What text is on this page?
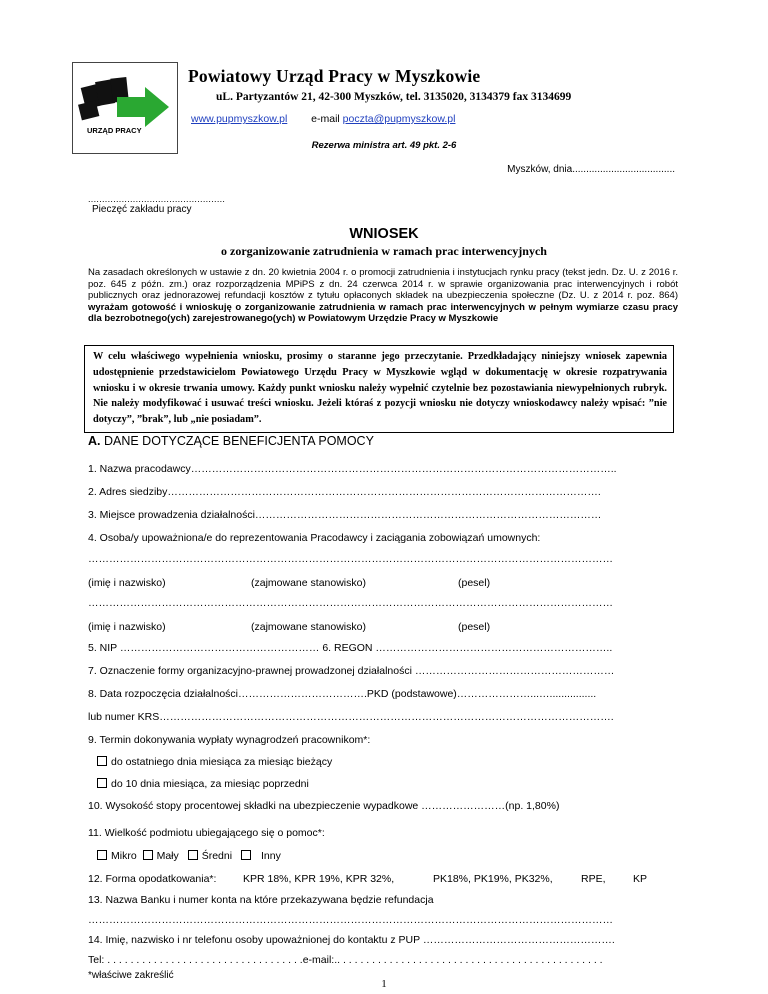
URZĄD PRACY
Powiatowy Urząd Pracy w Myszkowie
uL. Partyzantów 21, 42-300 Myszków, tel. 3135020, 3134379 fax 3134699
www.pupmyszkow.pl e-mail poczta@pupmyszkow.pl
Rezerwa ministra art. 49 pkt. 2-6
Myszków, dnia.....................................
.................................................
Pieczęć zakładu pracy
WNIOSEK
o zorganizowanie zatrudnienia w ramach prac interwencyjnych
Na zasadach określonych w ustawie z dn. 20 kwietnia 2004 r. o promocji zatrudnienia i instytucjach rynku pracy (tekst jedn. Dz. U. z 2016 r. poz. 645 z późn. zm.) oraz rozporządzenia MPiPS z dn. 24 czerwca 2014 r. w sprawie organizowania prac interwencyjnych i robót publicznych oraz jednorazowej refundacji kosztów z tytułu opłaconych składek na ubezpieczenia społeczne (Dz. U. z 2014 r. poz. 864) wyrażam gotowość i wnioskuję o zorganizowanie zatrudnienia w ramach prac interwencyjnych w pełnym wymiarze czasu pracy dla bezrobotnego(ych) zarejestrowanego(ych) w Powiatowym Urzędzie Pracy w Myszkowie
W celu właściwego wypełnienia wniosku, prosimy o staranne jego przeczytanie. Przedkładający niniejszy wniosek zapewnia udostępnienie przedstawicielom Powiatowego Urzędu Pracy w Myszkowie wgląd w dokumentację w okresie rozpatrywania wniosku i w okresie trwania umowy. Każdy punkt wniosku należy wypełnić czytelnie bez pozostawiania niewypełnionych rubryk. Nie należy modyfikować i usuwać treści wniosku. Jeżeli któraś z pozycji wniosku nie dotyczy wnioskodawcy należy wpisać: ”nie dotyczy”, ”brak”, lub „nie posiadam”.
A. DANE DOTYCZĄCE BENEFICJENTA POMOCY
1. Nazwa pracodawcy…………………………………………………………………………………………………………..
2. Adres siedziby…………………………………………………………………………………………………………….
3. Miejsce prowadzenia działalności………………………………………………………………………………………
4. Osoba/y upoważniona/e do reprezentowania Pracodawcy i zaciągania zobowiązań umownych:
……………………………………………………………………………………………………………………………………
(imię i nazwisko)	(zajmowane stanowisko)	(pesel)
……………………………………………………………………………………………………………………………………
(imię i nazwisko)	(zajmowane stanowisko)	(pesel)
5. NIP ………………………………………………… 6. REGON …………………………………………………………..
7. Oznaczenie formy organizacyjno-prawnej prowadzonej działalności …………………………………………………
8. Data rozpoczęcia działalności……………………………….PKD (podstawowe)…………………...…................
lub numer KRS………………………………………………………………………………………………………………….
9. Termin dokonywania wypłaty wynagrodzeń pracownikom*:
do ostatniego dnia miesiąca za miesiąc bieżący
do 10 dnia miesiąca, za miesiąc poprzedni
10. Wysokość stopy procentowej składki na ubezpieczenie wypadkowe ……………………(np. 1,80%)
11. Wielkość podmiotu ubiegającego się o pomoc*:
Mikro Mały Średni	Inny
12. Forma opodatkowania*:	KPR 18%, KPR 19%, KPR 32%,	PK18%, PK19%, PK32%,	RPE,	KP
13. Nazwa Banku i numer konta na które przekazywana będzie refundacja
……………………………………………………………………………………………………………………………………
14. Imię, nazwisko i nr telefonu osoby upoważnionej do kontaktu z PUP ……………………………………………….
Tel: . . . . . . . . . . . . . . . . . . . . . . . . . . . . . . . . . .e-mail:.. . . . . . . . . . . . . . . . . . . . . . . . . . . . . . . . . . . . . . . . . . . . . .
*właściwe zakreślić
1
